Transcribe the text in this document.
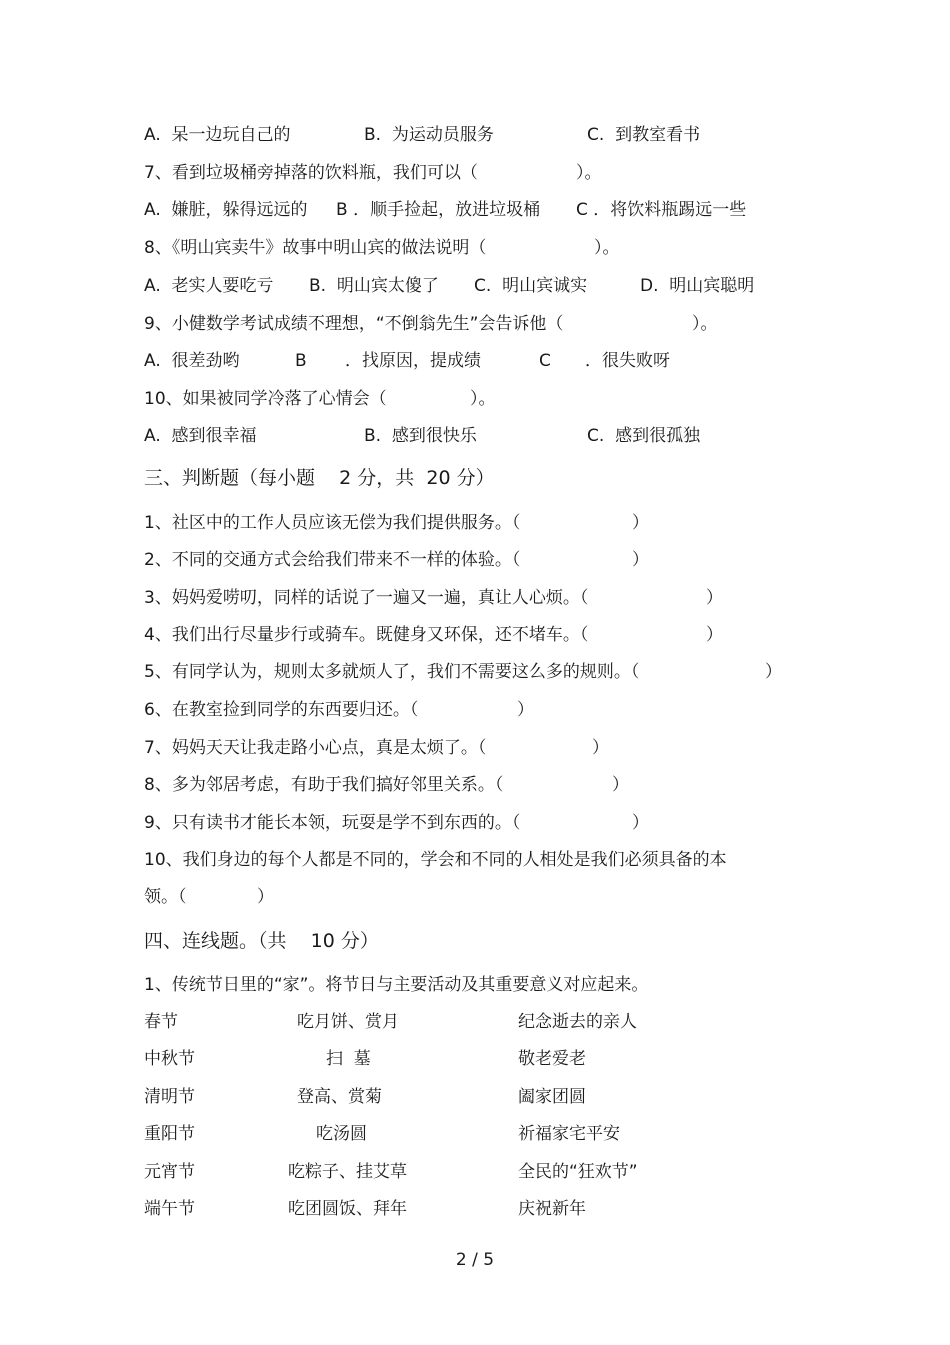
A.  呆一边玩自己的	B.  为运动员服务	C.  到教室看书
7、看到垃圾桶旁掉落的饮料瓶，我们可以（	）。
A.  嫌脏，躲得远远的 B ．顺手捡起，放进垃圾桶 C ．将饮料瓶踢远一些
8、《明山宾卖牛》故事中明山宾的做法说明（	）。
A.  老实人要吃亏 B.  明山宾太傻了 C.  明山宾诚实	D.  明山宾聪明
9、小健数学考试成绩不理想，“不倒翁先生”会告诉他（	）。
A.  很差劲哟	B ．找原因，提成绩	C ．很失败呀
10、如果被同学冷落了心情会（	）。
A.  感到很幸福	B.  感到很快乐	C.  感到很孤独
三、判断题（每小题    2 分，共  20 分）
1、社区中的工作人员应该无偿为我们提供服务。（	）
2、不同的交通方式会给我们带来不一样的体验。（	）
3、妈妈爱唠叨，同样的话说了一遍又一遍，真让人心烦。（	）
4、我们出行尽量步行或骑车。既健身又环保，还不堵车。（	）
5、有同学认为，规则太多就烦人了，我们不需要这么多的规则。（	）
6、在教室捡到同学的东西要归还。（	）
7、妈妈天天让我走路小心点，真是太烦了。（	）
8、多为邻居考虑，有助于我们搞好邻里关系。（	）
9、只有读书才能长本领，玩耍是学不到东西的。（	）
10、我们身边的每个人都是不同的，学会和不同的人相处是我们必须具备的本
领。（	）
四、连线题。（共    10 分）
1、传统节日里的“家”。将节日与主要活动及其重要意义对应起来。
春节	吃月饼、赏月	纪念逝去的亲人
中秋节	扫  墓	敬老爱老
清明节	登高、赏菊	阖家团圆
重阳节	吃汤圆	祈福家宅平安
元宵节	吃粽子、挂艾草	全民的“狂欢节”
端午节	吃团圆饭、拜年	庆祝新年
2 / 5
